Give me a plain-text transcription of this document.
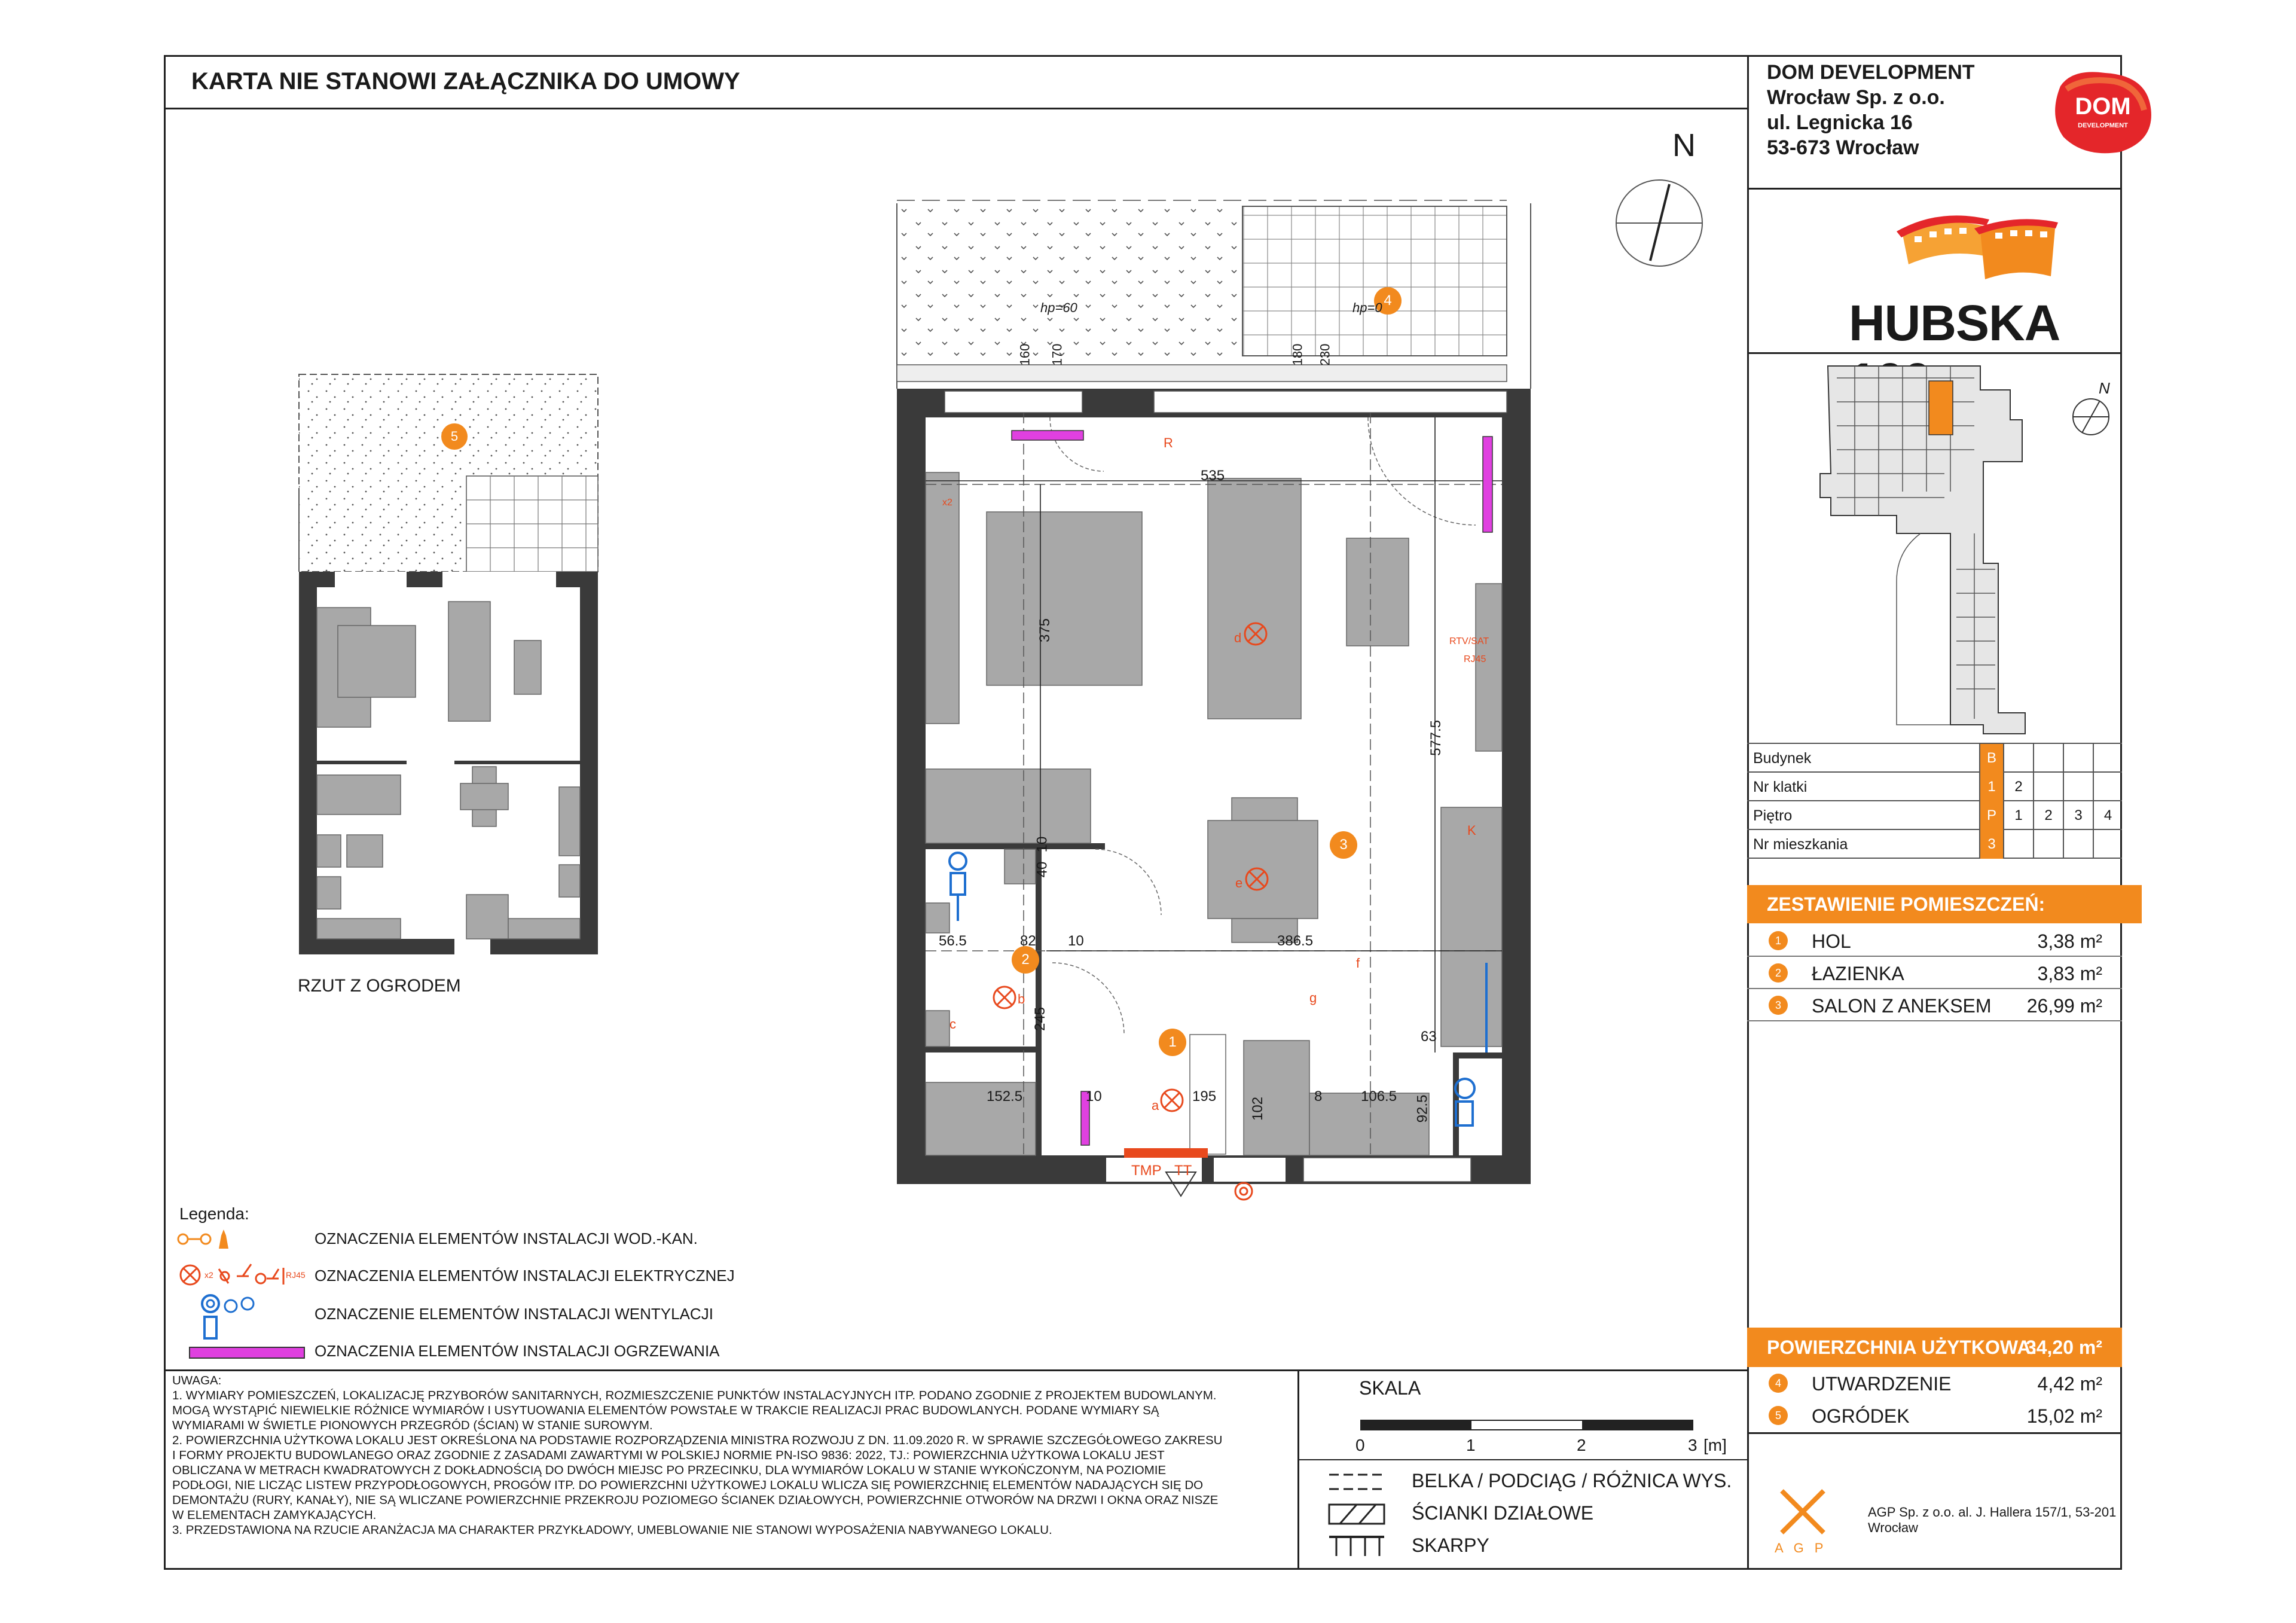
KARTA NIE STANOWI ZAŁĄCZNIKA DO UMOWY	DOM DEVELOPMENT
Wrocław Sp. z o.o.
ul. Legnicka 16
53-673 Wrocław
DOM
DEVELOPMENT
HUBSKA
N
Budynek	B
Nr klatki	1	2
Piętro	P	1	2	3	4
Nr mieszkania	3
ZESTAWIENIE POMIESZCZEŃ:
1	HOL	3,38 m²
2	ŁAZIENKA	3,83 m²
3	SALON Z ANEKSEM 26,99 m²
POWIERZCHNIA UŻYTKOWA:
34,20 m²
4	UTWARDZENIE	4,42 m²
5	OGRÓDEK	15,02 m²
A G P
AGP Sp. z o.o. al. J. Hallera 157/1, 53-201 Wrocław

UWAGA:

1. WYMIARY POMIESZCZEŃ, LOKALIZACJĘ PRZYBORÓW SANITARNYCH, ROZMIESZCZENIE PUNKTÓW INSTALACYJNYCH ITP. PODANO ZGODNIE Z PROJEKTEM BUDOWLANYM.

MOGĄ WYSTĄPIĆ NIEWIELKIE RÓŻNICE WYMIARÓW I USYTUOWANIA ELEMENTÓW POWSTAŁE W TRAKCIE REALIZACJI PRAC BUDOWLANYCH. PODANE WYMIARY SĄ

WYMIARAMI W ŚWIETLE PIONOWYCH PRZEGRÓD (ŚCIAN) W STANIE SUROWYM.

2. POWIERZCHNIA UŻYTKOWA LOKALU JEST OKREŚLONA NA PODSTAWIE ROZPORZĄDZENIA MINISTRA ROZWOJU Z DN. 11.09.2020 R. W SPRAWIE SZCZEGÓŁOWEGO ZAKRESU

I FORMY PROJEKTU BUDOWLANEGO ORAZ ZGODNIE Z ZASADAMI ZAWARTYMI W POLSKIEJ NORMIE PN-ISO 9836: 2022, TJ.: POWIERZCHNIA UŻYTKOWA LOKALU JEST

OBLICZANA W METRACH KWADRATOWYCH Z DOKŁADNOŚCIĄ DO DWÓCH MIEJSC PO PRZECINKU, DLA WYMIARÓW LOKALU W STANIE WYKOŃCZONYM, NA POZIOMIE

PODŁOGI, NIE LICZĄC LISTEW PRZYPODŁOGOWYCH, PROGÓW ITP. DO POWIERZCHNI UŻYTKOWEJ LOKALU WLICZA SIĘ POWIERZCHNIĘ ELEMENTÓW NADAJĄCYCH SIĘ DO

DEMONTAŻU (RURY, KANAŁY), NIE SĄ WLICZANE POWIERZCHNIE PRZEKROJU POZIOMEGO ŚCIANEK DZIAŁOWYCH, POWIERZCHNIE OTWORÓW NA DRZWI I OKNA ORAZ NISZE

W ELEMENTACH ZAMYKAJĄCYCH.

3. PRZEDSTAWIONA NA RZUCIE ARANŻACJA MA CHARAKTER PRZYKŁADOWY, UMEBLOWANIE NIE STANOWI WYPOSAŻENIA NABYWANEGO LOKALU.

SKALA
0	1	2	3 [m]
BELKA / PODCIĄG / RÓŻNICA WYS.
ŚCIANKI DZIAŁOWE
SKARPY
Legenda:
OZNACZENIA ELEMENTÓW INSTALACJI WOD.-KAN.
x2	RJ45 OZNACZENIA ELEMENTÓW INSTALACJI ELEKTRYCZNEJ
OZNACZENIE ELEMENTÓW INSTALACJI WENTYLACJI
OZNACZENIA ELEMENTÓW INSTALACJI OGRZEWANIA
5
RZUT Z OGRODEM
1
2
3
4
535
375
577.5
386.5
245
40
10
56.5	82 10
152.5	10	195
102
8	106.5 92.5
63
160 170	180 230
hp=60	hp=0
TMP TT
RTV/SAT
RJ45
d
e
a
b
c
f
g
K
R
x2
N
